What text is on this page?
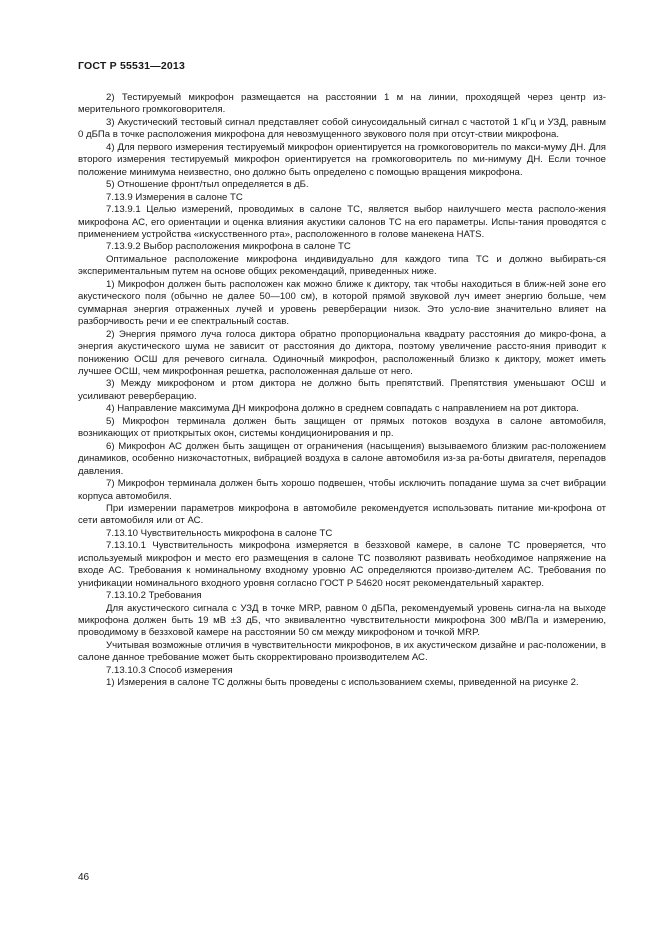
ГОСТ Р 55531—2013

2) Тестируемый микрофон размещается на расстоянии 1 м на линии, проходящей через центр из-мерительного громкоговорителя.

3) Акустический тестовый сигнал представляет собой синусоидальный сигнал с частотой 1 кГц и УЗД, равным 0 дБПа в точке расположения микрофона для невозмущенного звукового поля при отсут-ствии микрофона.

4) Для первого измерения тестируемый микрофон ориентируется на громкоговоритель по макси-муму ДН. Для второго измерения тестируемый микрофон ориентируется на громкоговоритель по ми-нимуму ДН. Если точное положение минимума неизвестно, оно должно быть определено с помощью вращения микрофона.

5) Отношение фронт/тыл определяется в дБ.

7.13.9 Измерения в салоне ТС

7.13.9.1 Целью измерений, проводимых в салоне ТС, является выбор наилучшего места располо-жения микрофона АС, его ориентации и оценка влияния акустики салонов ТС на его параметры. Испы-тания проводятся с применением устройства «искусственного рта», расположенного в голове манекена HATS.

7.13.9.2 Выбор расположения микрофона в салоне ТС

Оптимальное расположение микрофона индивидуально для каждого типа ТС и должно выбирать-ся экспериментальным путем на основе общих рекомендаций, приведенных ниже.

1) Микрофон должен быть расположен как можно ближе к диктору, так чтобы находиться в ближ-ней зоне его акустического поля (обычно не далее 50—100 см), в которой прямой звуковой луч имеет энергию больше, чем суммарная энергия отраженных лучей и уровень реверберации низок. Это усло-вие значительно влияет на разборчивость речи и ее спектральный состав.

2) Энергия прямого луча голоса диктора обратно пропорциональна квадрату расстояния до микро-фона, а энергия акустического шума не зависит от расстояния до диктора, поэтому увеличение рассто-яния приводит к понижению ОСШ для речевого сигнала. Одиночный микрофон, расположенный близко к диктору, может иметь лучшее ОСШ, чем микрофонная решетка, расположенная дальше от него.

3) Между микрофоном и ртом диктора не должно быть препятствий. Препятствия уменьшают ОСШ и усиливают реверберацию.

4) Направление максимума ДН микрофона должно в среднем совпадать с направлением на рот диктора.

5) Микрофон терминала должен быть защищен от прямых потоков воздуха в салоне автомобиля, возникающих от приоткрытых окон, системы кондиционирования и пр.

6) Микрофон АС должен быть защищен от ограничения (насыщения) вызываемого близким рас-положением динамиков, особенно низкочастотных, вибрацией воздуха в салоне автомобиля из-за ра-боты двигателя, перепадов давления.

7) Микрофон терминала должен быть хорошо подвешен, чтобы исключить попадание шума за счет вибрации корпуса автомобиля.

При измерении параметров микрофона в автомобиле рекомендуется использовать питание ми-крофона от сети автомобиля или от АС.

7.13.10 Чувствительность микрофона в салоне ТС

7.13.10.1 Чувствительность микрофона измеряется в беззховой камере, в салоне ТС проверяется, что используемый микрофон и место его размещения в салоне ТС позволяют развивать необходимое напряжение на входе АС. Требования к номинальному входному уровню АС определяются произво-дителем АС. Требования по унификации номинального входного уровня согласно ГОСТ Р 54620 носят рекомендательный характер.

7.13.10.2 Требования

Для акустического сигнала с УЗД в точке MRP, равном 0 дБПа, рекомендуемый уровень сигна-ла на выходе микрофона должен быть 19 мВ ±3 дБ, что эквивалентно чувствительности микрофона 300 мВ/Па и измерению, проводимому в беззховой камере на расстоянии 50 см между микрофоном и точкой MRP.

Учитывая возможные отличия в чувствительности микрофонов, в их акустическом дизайне и рас-положении, в салоне данное требование может быть скорректировано производителем АС.

7.13.10.3 Способ измерения

1) Измерения в салоне ТС должны быть проведены с использованием схемы, приведенной на рисунке 2.

46
